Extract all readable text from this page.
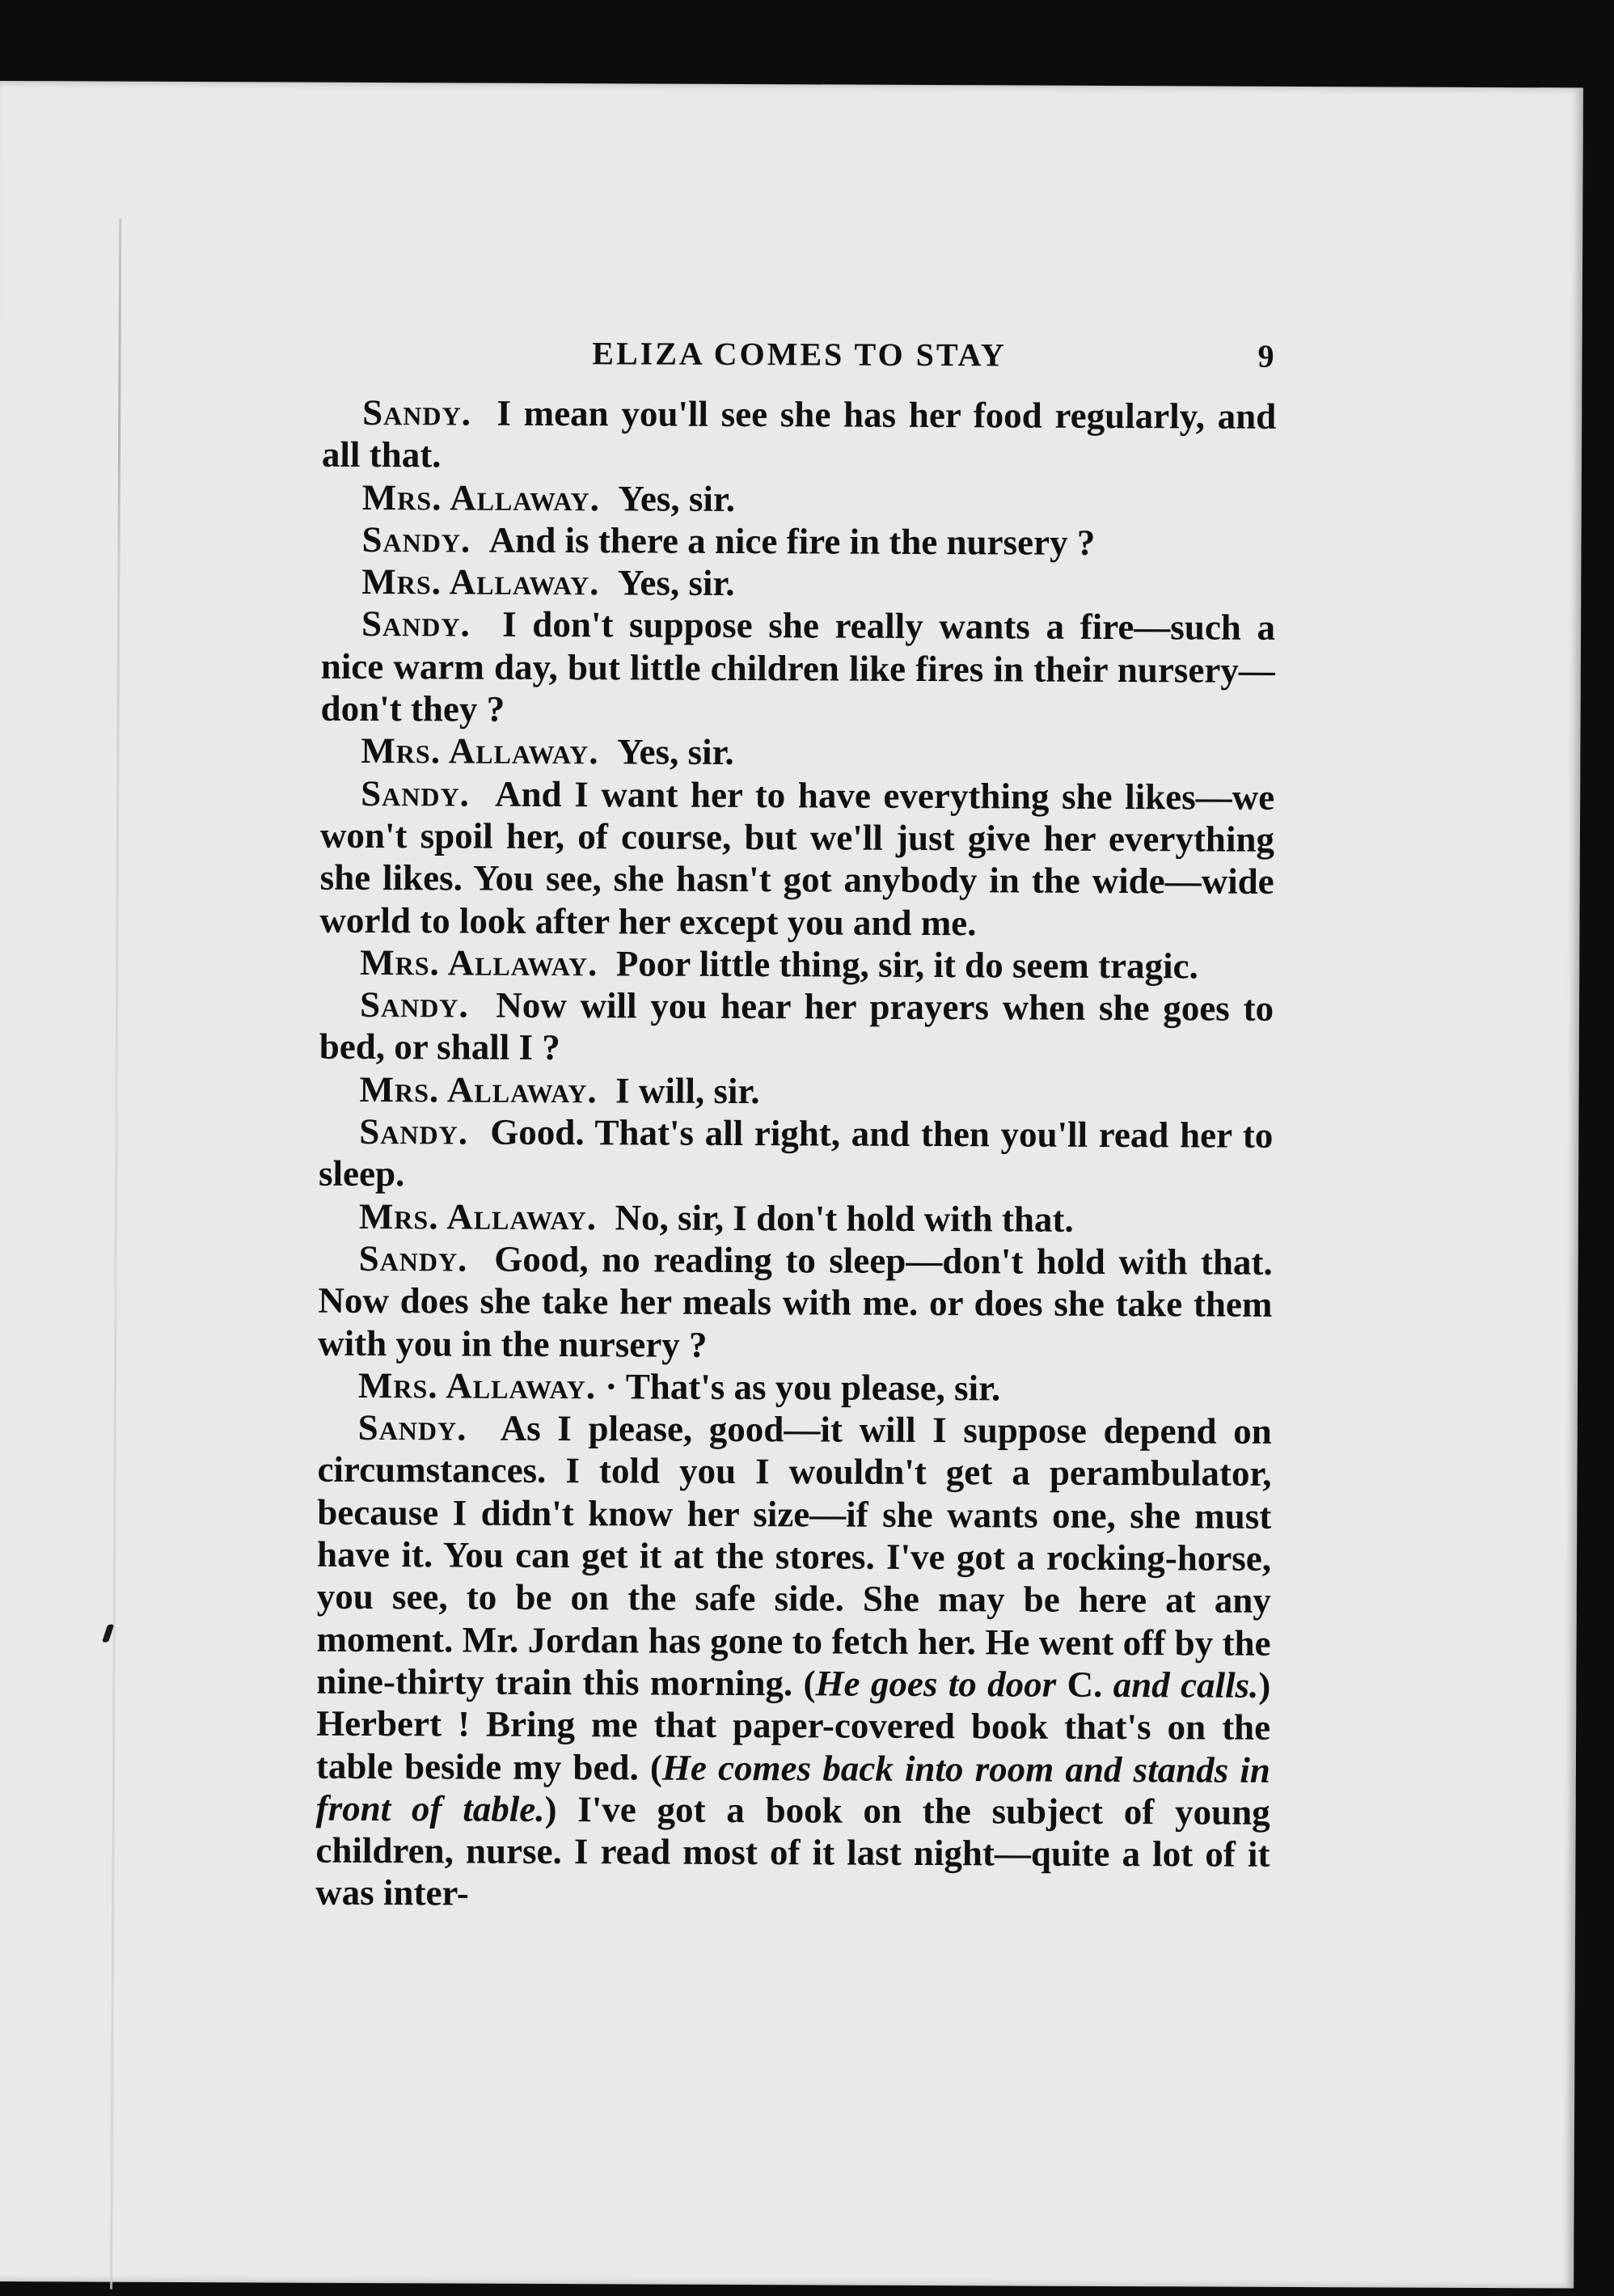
ELIZA COMES TO STAY	9

Sandy. I mean you'll see she has her food regularly, and all that.

Mrs. Allaway. Yes, sir.

Sandy. And is there a nice fire in the nursery ?

Mrs. Allaway. Yes, sir.

Sandy. I don't suppose she really wants a fire—such a nice warm day, but little children like fires in their nursery—don't they ?

Mrs. Allaway. Yes, sir.

Sandy. And I want her to have everything she likes—we won't spoil her, of course, but we'll just give her everything she likes. You see, she hasn't got anybody in the wide—wide world to look after her except you and me.

Mrs. Allaway. Poor little thing, sir, it do seem tragic.

Sandy. Now will you hear her prayers when she goes to bed, or shall I ?

Mrs. Allaway. I will, sir.

Sandy. Good. That's all right, and then you'll read her to sleep.

Mrs. Allaway. No, sir, I don't hold with that.

Sandy. Good, no reading to sleep—don't hold with that. Now does she take her meals with me. or does she take them with you in the nursery ?

Mrs. Allaway. · That's as you please, sir.

Sandy. As I please, good—it will I suppose depend on circumstances. I told you I wouldn't get a perambulator, because I didn't know her size—if she wants one, she must have it. You can get it at the stores. I've got a rocking-horse, you see, to be on the safe side. She may be here at any moment. Mr. Jordan has gone to fetch her. He went off by the nine-thirty train this morning. (He goes to door C. and calls.) Herbert ! Bring me that paper-covered book that's on the table beside my bed. (He comes back into room and stands in front of table.) I've got a book on the subject of young children, nurse. I read most of it last night—quite a lot of it was inter-
